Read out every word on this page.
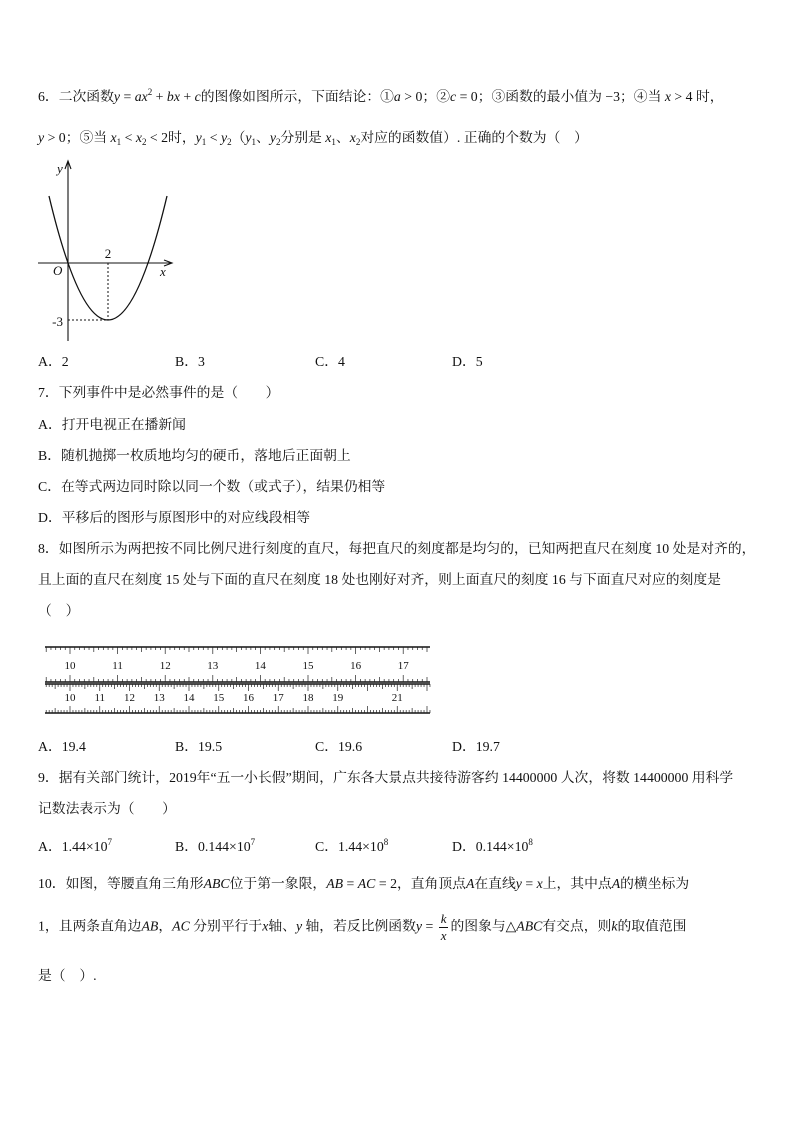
6．二次函数$y = ax^2$ + bx + c的图像如图所示，下面结论：①a > 0；②c = 0；③函数的最小值为 −3；④当 x > 4 时，
y > 0；⑤当 $x_1 < x_2 < 2$时，$y_1 < y_2(y_1$、$y_2$分别是 $x_1$、$x_2$对应的函数值）. 正确的个数为（　）
y
O	x
2
-3
A．2	B．3	C．4	D．5
7．下列事件中是必然事件的是（　　）
A．打开电视正在播新闻
B．随机抛掷一枚质地均匀的硬币，落地后正面朝上
C．在等式两边同时除以同一个数（或式子），结果仍相等
D．平移后的图形与原图形中的对应线段相等
8．如图所示为两把按不同比例尺进行刻度的直尺，每把直尺的刻度都是均匀的，已知两把直尺在刻度 10 处是对齐的，
且上面的直尺在刻度 15 处与下面的直尺在刻度 18 处也刚好对齐，则上面直尺的刻度 16 与下面直尺对应的刻度是
（　）
10	11	12	13	14	15	16	17
10 11 12 13 14 15 16 17 18 19	21
A．19.4	B．19.5	C．19.6	D．19.7
9．据有关部门统计，2019年“五一小长假”期间，广东各大景点共接待游客约 14400000 人次，将数 14400000 用科学
记数法表示为（　　）
A．$1.44\times 10^7$	B．$0.144\times 10^7$	C．$1.44\times 10^8$	D．$0.144\times 10^8$
10．如图，等腰直角三角形ABC位于第一象限，AB = AC = 2，直角顶点A在直线y = x上，其中点A的横坐标为
1，且两条直角边AB，AC 分别平行于x轴、y 轴，若反比例函数$y = \frac{k}{x}$ 的图象与△ABC有交点，则k的取值范围
是（　）.
